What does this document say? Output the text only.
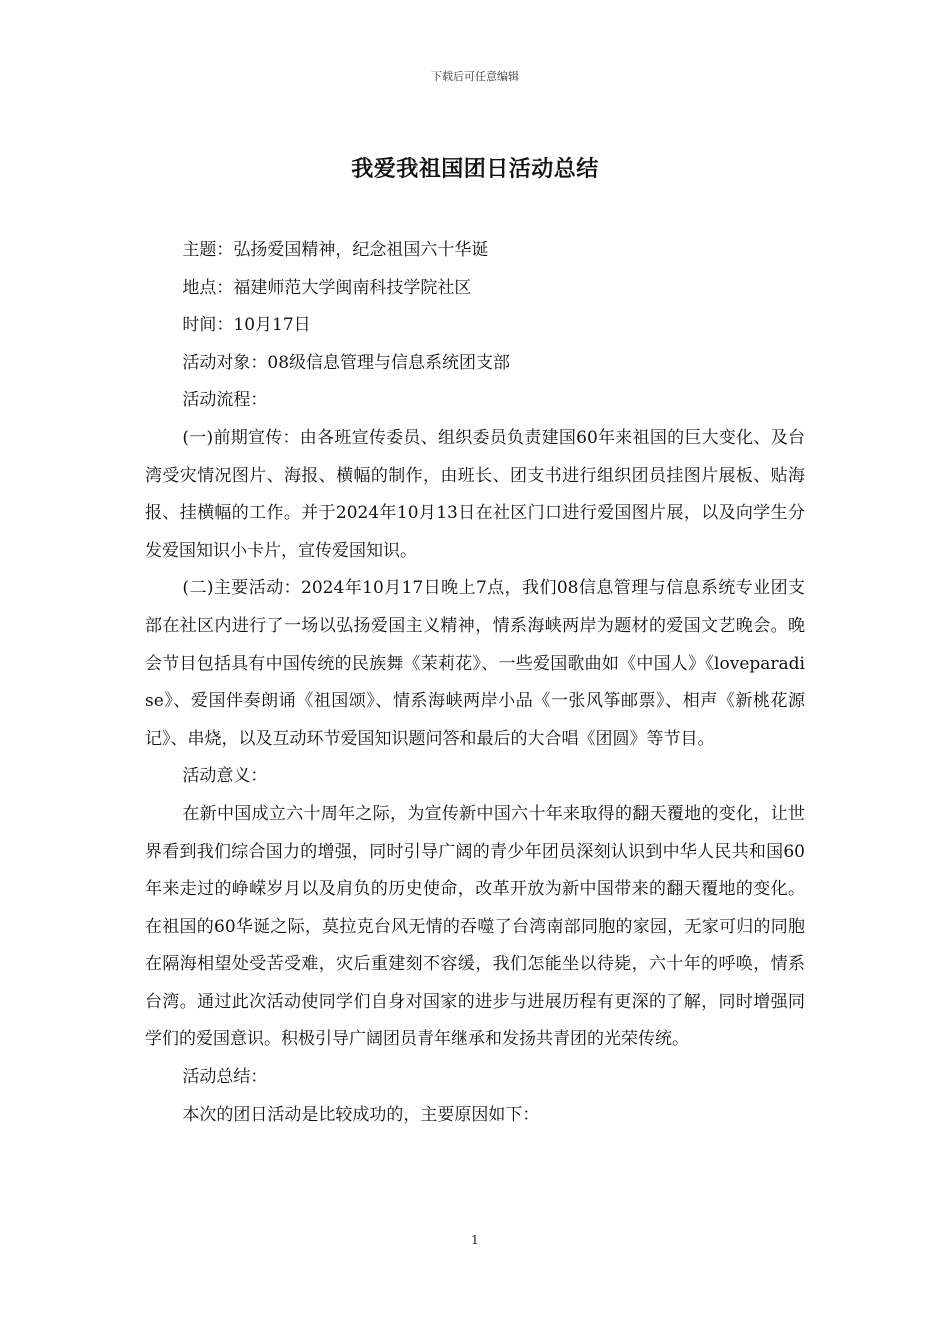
下载后可任意编辑
我爱我祖国团日活动总结

主题：弘扬爱国精神，纪念祖国六十华诞

地点：福建师范大学闽南科技学院社区

时间：10月17日

活动对象：08级信息管理与信息系统团支部

活动流程：

(一)前期宣传：由各班宣传委员、组织委员负责建国60年来祖国的巨大变化、及台湾受灾情况图片、海报、横幅的制作，由班长、团支书进行组织团员挂图片展板、贴海报、挂横幅的工作。并于2024年10月13日在社区门口进行爱国图片展，以及向学生分发爱国知识小卡片，宣传爱国知识。

(二)主要活动：2024年10月17日晚上7点，我们08信息管理与信息系统专业团支部在社区内进行了一场以弘扬爱国主义精神，情系海峡两岸为题材的爱国文艺晚会。晚会节目包括具有中国传统的民族舞《茉莉花》、一些爱国歌曲如《中国人》《loveparadise》、爱国伴奏朗诵《祖国颂》、情系海峡两岸小品《一张风筝邮票》、相声《新桃花源记》、串烧，以及互动环节爱国知识题问答和最后的大合唱《团圆》等节目。

活动意义：

在新中国成立六十周年之际，为宣传新中国六十年来取得的翻天覆地的变化，让世界看到我们综合国力的增强，同时引导广阔的青少年团员深刻认识到中华人民共和国60年来走过的峥嵘岁月以及肩负的历史使命，改革开放为新中国带来的翻天覆地的变化。在祖国的60华诞之际，莫拉克台风无情的吞噬了台湾南部同胞的家园，无家可归的同胞在隔海相望处受苦受难，灾后重建刻不容缓，我们怎能坐以待毙，六十年的呼唤，情系台湾。通过此次活动使同学们自身对国家的进步与进展历程有更深的了解，同时增强同学们的爱国意识。积极引导广阔团员青年继承和发扬共青团的光荣传统。

活动总结：

本次的团日活动是比较成功的，主要原因如下：

1
